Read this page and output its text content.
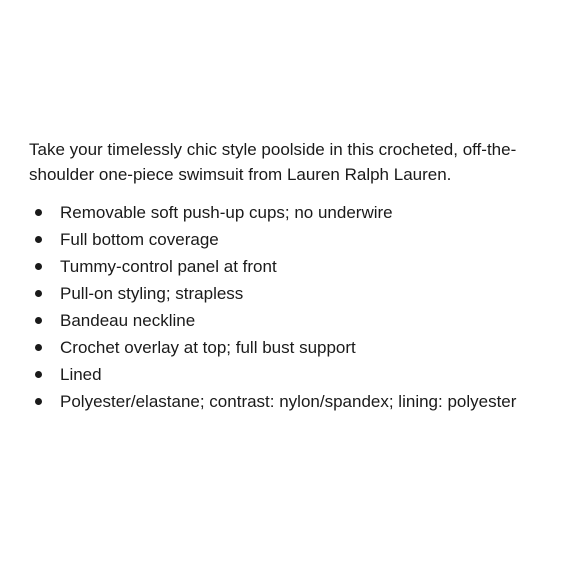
Take your timelessly chic style poolside in this crocheted, off-the-shoulder one-piece swimsuit from Lauren Ralph Lauren.

Removable soft push-up cups; no underwire
Full bottom coverage
Tummy-control panel at front
Pull-on styling; strapless
Bandeau neckline
Crochet overlay at top; full bust support
Lined
Polyester/elastane; contrast: nylon/spandex; lining: polyester
